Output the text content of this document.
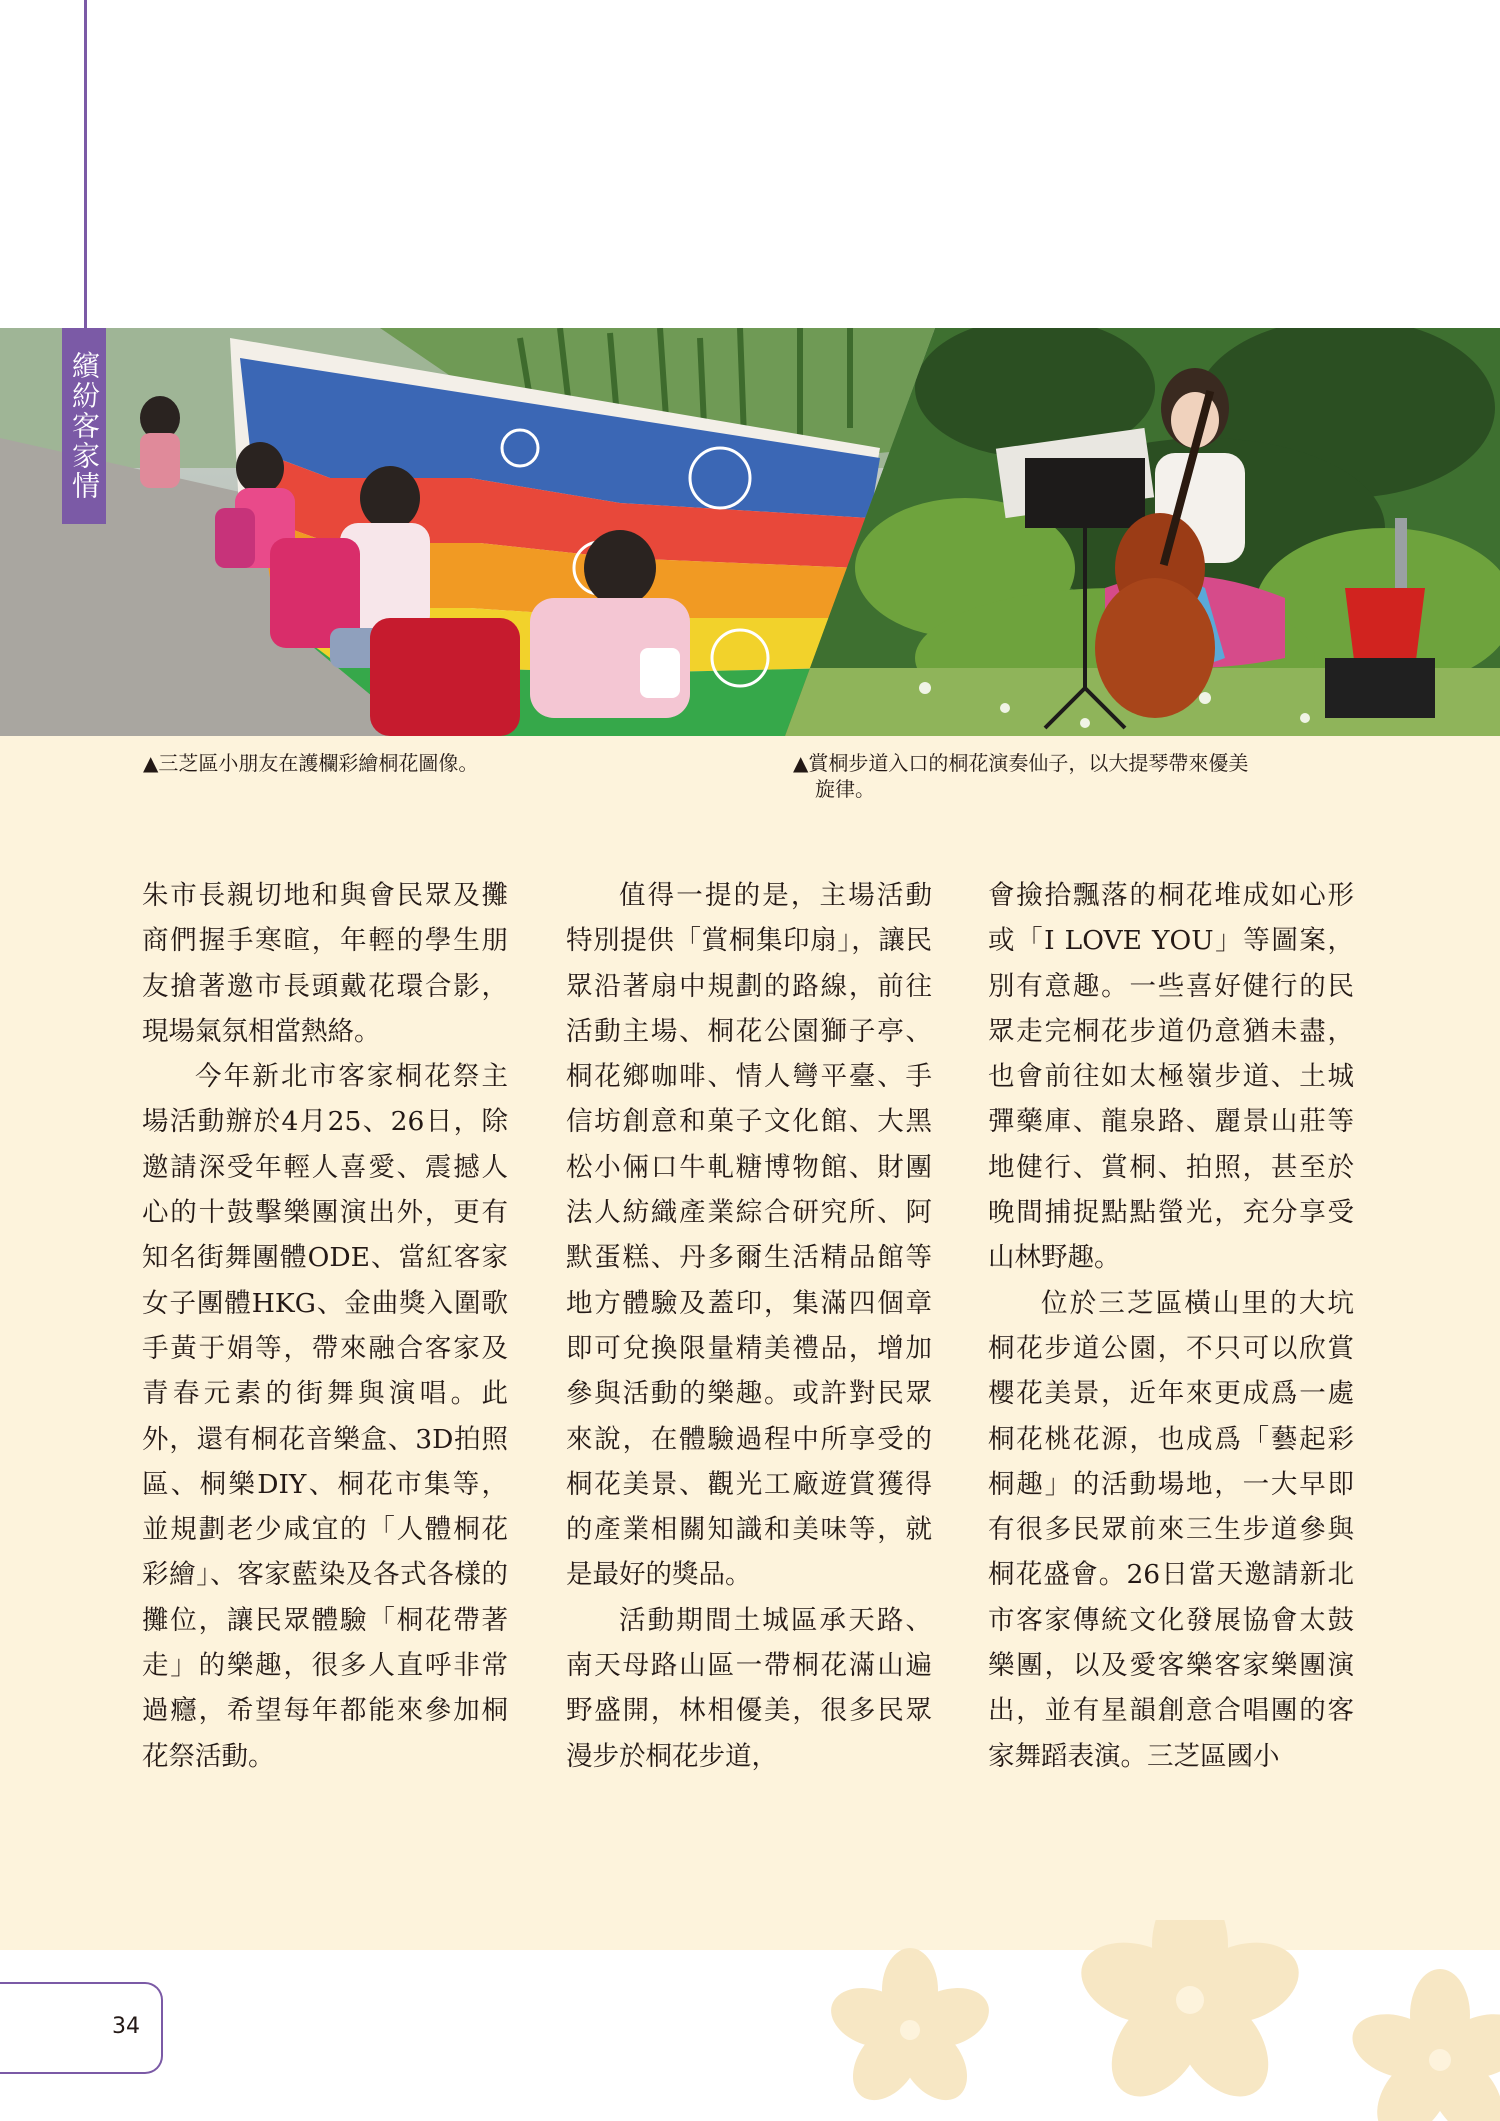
繽紛客家情
▲三芝區小朋友在護欄彩繪桐花圖像。	▲賞桐步道入口的桐花演奏仙子，以大提琴帶來優美
旋律。

朱市長親切地和與會民眾及攤商們握手寒暄，年輕的學生朋友搶著邀市長頭戴花環合影，現場氣氛相當熱絡。

今年新北市客家桐花祭主場活動辦於4月25、26日，除邀請深受年輕人喜愛、震撼人心的十鼓擊樂團演出外，更有知名街舞團體ODE、當紅客家女子團體HKG、金曲獎入圍歌手黃于娟等，帶來融合客家及青春元素的街舞與演唱。此外，還有桐花音樂盒、3D拍照區、桐樂DIY、桐花市集等，並規劃老少咸宜的「人體桐花彩繪」、客家藍染及各式各樣的攤位，讓民眾體驗「桐花帶著走」的樂趣，很多人直呼非常過癮，希望每年都能來參加桐花祭活動。

值得一提的是，主場活動特別提供「賞桐集印扇」，讓民眾沿著扇中規劃的路線，前往活動主場、桐花公園獅子亭、桐花鄉咖啡、情人彎平臺、手信坊創意和菓子文化館、大黑松小倆口牛軋糖博物館、財團法人紡織產業綜合研究所、阿默蛋糕、丹多爾生活精品館等地方體驗及蓋印，集滿四個章即可兌換限量精美禮品，增加參與活動的樂趣。或許對民眾來說，在體驗過程中所享受的桐花美景、觀光工廠遊賞獲得的產業相關知識和美味等，就是最好的獎品。

活動期間土城區承天路、南天母路山區一帶桐花滿山遍野盛開，林相優美，很多民眾漫步於桐花步道，

會撿拾飄落的桐花堆成如心形或「I LOVE YOU」等圖案，別有意趣。一些喜好健行的民眾走完桐花步道仍意猶未盡，也會前往如太極嶺步道、土城彈藥庫、龍泉路、麗景山莊等地健行、賞桐、拍照，甚至於晚間捕捉點點螢光，充分享受山林野趣。

位於三芝區橫山里的大坑桐花步道公園，不只可以欣賞櫻花美景，近年來更成爲一處桐花桃花源，也成爲「藝起彩桐趣」的活動場地，一大早即有很多民眾前來三生步道參與桐花盛會。26日當天邀請新北市客家傳統文化發展協會太鼓樂團，以及愛客樂客家樂團演出，並有星韻創意合唱團的客家舞蹈表演。三芝區國小

34
